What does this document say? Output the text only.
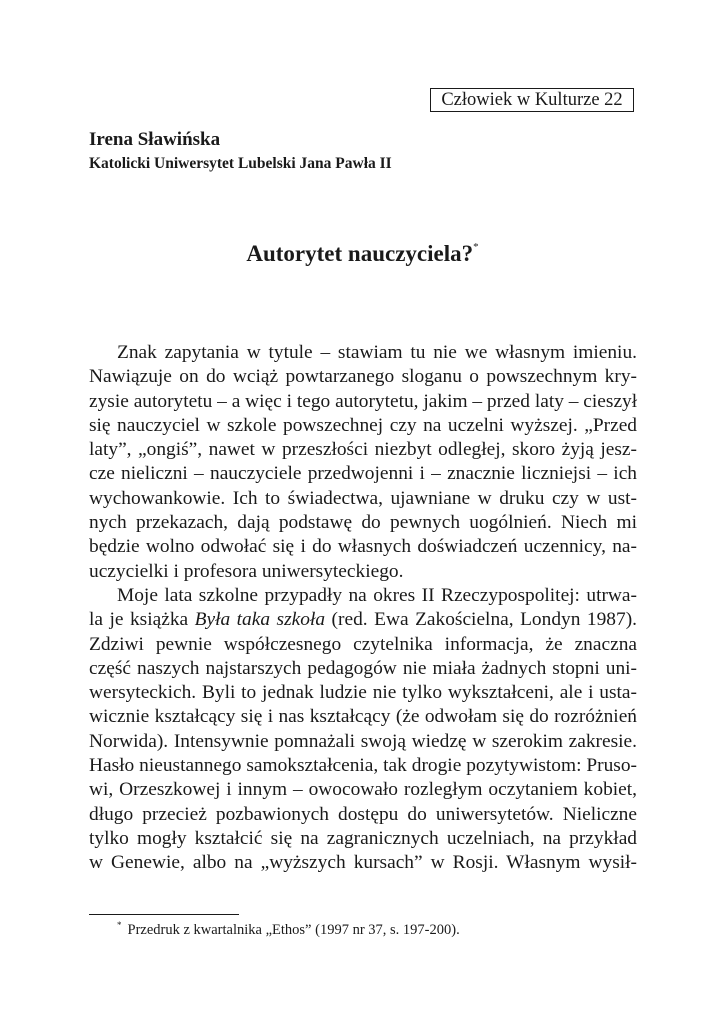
Człowiek w Kulturze 22
Irena Sławińska
Katolicki Uniwersytet Lubelski Jana Pawła II
Autorytet nauczyciela?*
Znak zapytania w tytule – stawiam tu nie we własnym imieniu.
Nawiązuje on do wciąż powtarzanego sloganu o powszechnym kry-
zysie autorytetu – a więc i tego autorytetu, jakim – przed laty – cieszył
się nauczyciel w szkole powszechnej czy na uczelni wyższej. „Przed
laty”, „ongiś”, nawet w przeszłości niezbyt odległej, skoro żyją jesz-
cze nieliczni – nauczyciele przedwojenni i – znacznie liczniejsi – ich
wychowankowie. Ich to świadectwa, ujawniane w druku czy w ust-
nych przekazach, dają podstawę do pewnych uogólnień. Niech mi
będzie wolno odwołać się i do własnych doświadczeń uczennicy, na-
uczycielki i profesora uniwersyteckiego.
Moje lata szkolne przypadły na okres II Rzeczypospolitej: utrwa-
la je książka Była taka szkoła (red. Ewa Zakościelna, Londyn 1987).
Zdziwi pewnie współczesnego czytelnika informacja, że znaczna
część naszych najstarszych pedagogów nie miała żadnych stopni uni-
wersyteckich. Byli to jednak ludzie nie tylko wykształceni, ale i usta-
wicznie kształcący się i nas kształcący (że odwołam się do rozróżnień
Norwida). Intensywnie pomnażali swoją wiedzę w szerokim zakresie.
Hasło nieustannego samokształcenia, tak drogie pozytywistom: Pruso-
wi, Orzeszkowej i innym – owocowało rozległym oczytaniem kobiet,
długo przecież pozbawionych dostępu do uniwersytetów. Nieliczne
tylko mogły kształcić się na zagranicznych uczelniach, na przykład
w Genewie, albo na „wyższych kursach” w Rosji. Własnym wysił-
* Przedruk z kwartalnika „Ethos” (1997 nr 37, s. 197-200).
